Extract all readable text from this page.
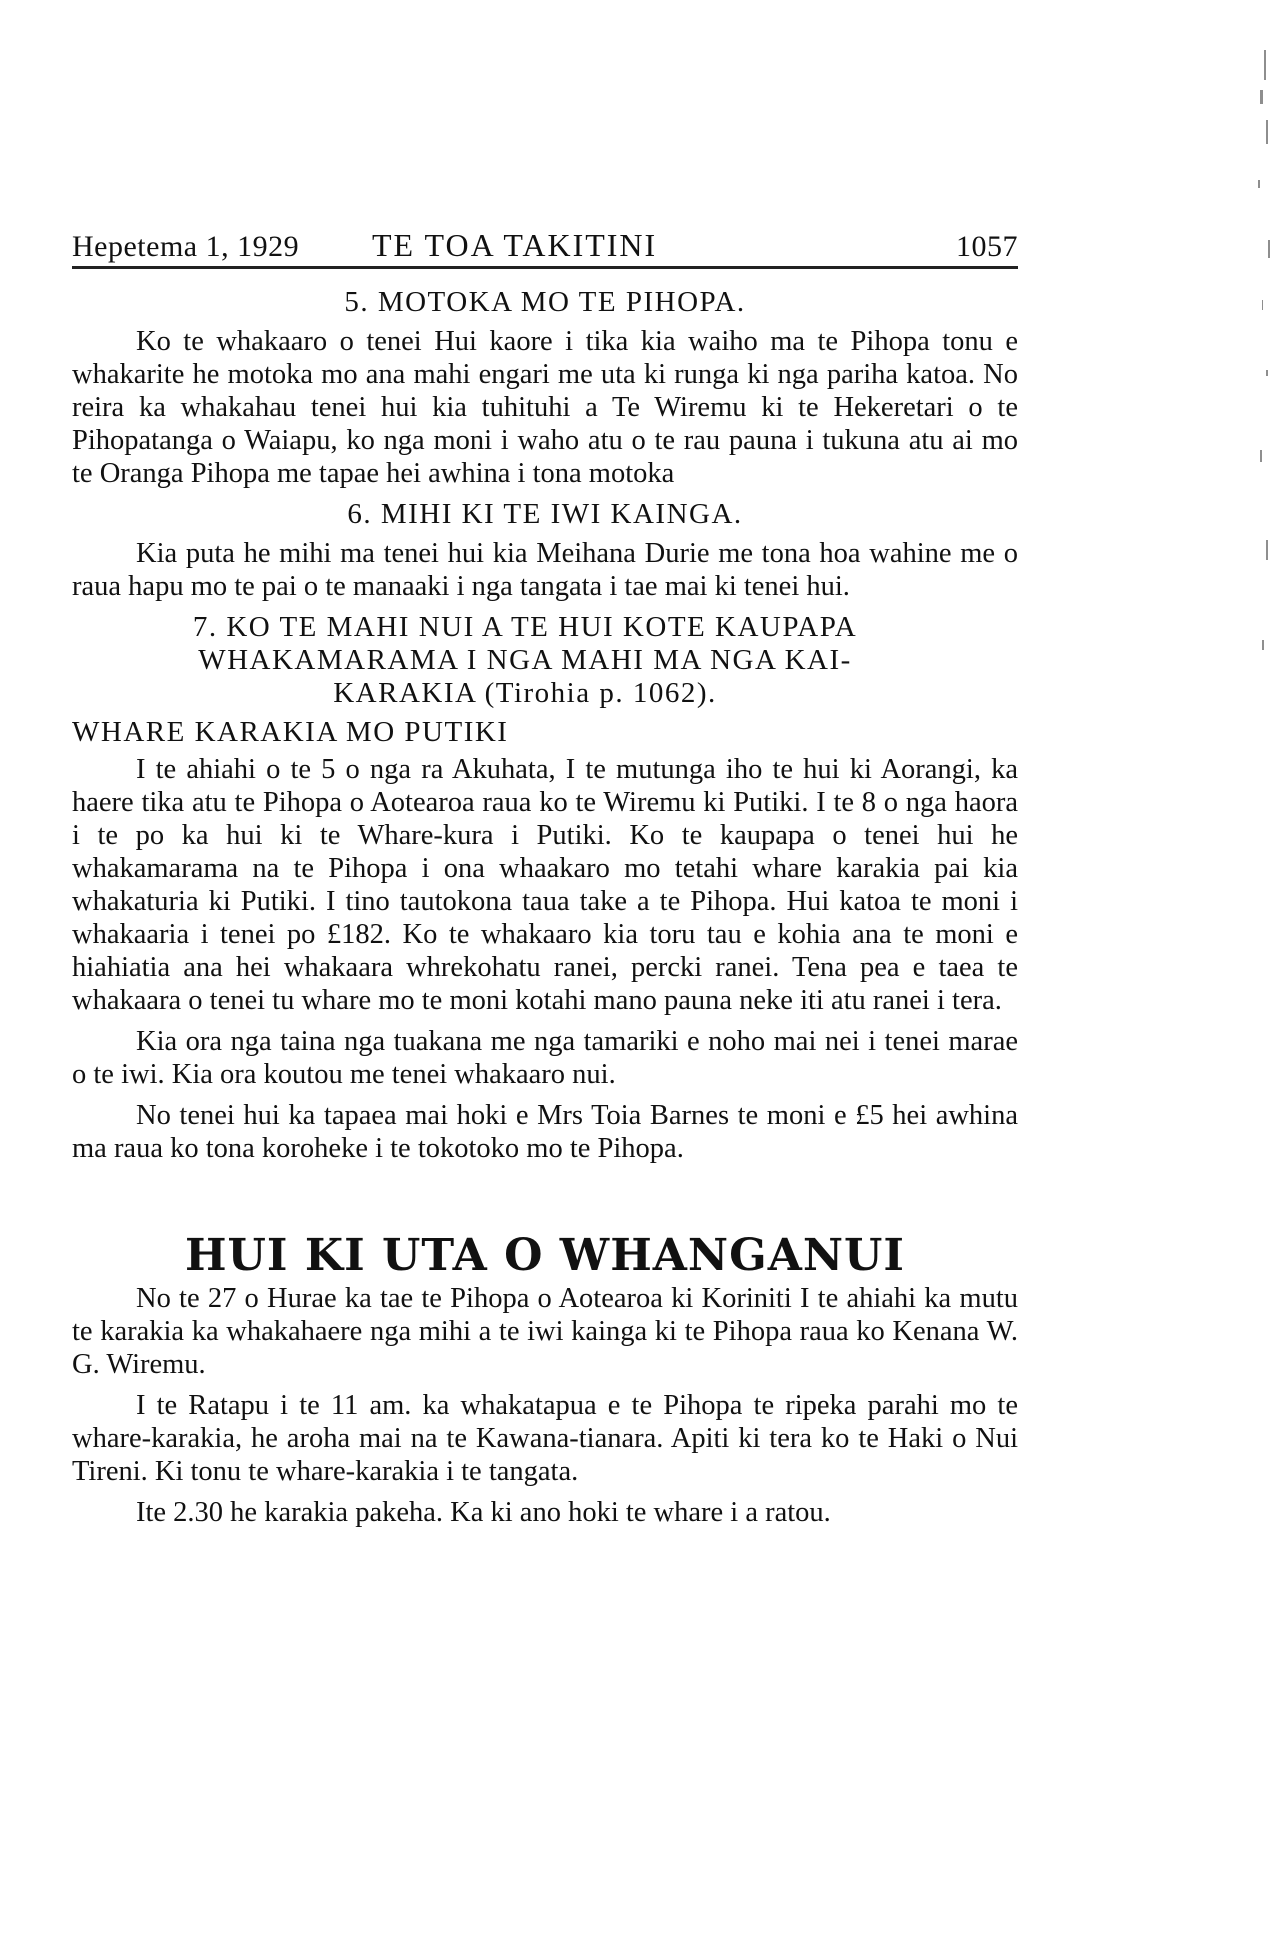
Hepetema 1, 1929	TE TOA TAKITINI	1057
5. MOTOKA MO TE PIHOPA.

Ko te whakaaro o tenei Hui kaore i tika kia waiho ma te Pihopa tonu e whakarite he motoka mo ana mahi engari me uta ki runga ki nga pariha katoa. No reira ka whakahau tenei hui kia tuhituhi a Te Wiremu ki te Hekeretari o te Pihopatanga o Waiapu, ko nga moni i waho atu o te rau pauna i tukuna atu ai mo te Oranga Pihopa me tapae hei awhina i tona motoka

6. MIHI KI TE IWI KAINGA.

Kia puta he mihi ma tenei hui kia Meihana Durie me tona hoa wahine me o raua hapu mo te pai o te manaaki i nga tangata i tae mai ki tenei hui.

7. KO TE MAHI NUI A TE HUI KOTE KAUPAPA WHAKAMARAMA I NGA MAHI MA NGA KAI-KARAKIA (Tirohia p. 1062).
WHARE KARAKIA MO PUTIKI

I te ahiahi o te 5 o nga ra Akuhata, I te mutunga iho te hui ki Aorangi, ka haere tika atu te Pihopa o Aotearoa raua ko te Wiremu ki Putiki. I te 8 o nga haora i te po ka hui ki te Whare-kura i Putiki. Ko te kaupapa o tenei hui he whakamarama na te Pihopa i ona whaakaro mo tetahi whare karakia pai kia whakaturia ki Putiki. I tino tautokona taua take a te Pihopa. Hui katoa te moni i whakaaria i tenei po £182. Ko te whakaaro kia toru tau e kohia ana te moni e hiahiatia ana hei whakaara whrekohatu ranei, percki ranei. Tena pea e taea te whakaara o tenei tu whare mo te moni kotahi mano pauna neke iti atu ranei i tera.

Kia ora nga taina nga tuakana me nga tamariki e noho mai nei i tenei marae o te iwi. Kia ora koutou me tenei whakaaro nui.

No tenei hui ka tapaea mai hoki e Mrs Toia Barnes te moni e £5 hei awhina ma raua ko tona koroheke i te tokotoko mo te Pihopa.

HUI KI UTA O WHANGANUI

No te 27 o Hurae ka tae te Pihopa o Aotearoa ki Koriniti I te ahiahi ka mutu te karakia ka whakahaere nga mihi a te iwi kainga ki te Pihopa raua ko Kenana W. G. Wiremu.

I te Ratapu i te 11 am. ka whakatapua e te Pihopa te ripeka parahi mo te whare-karakia, he aroha mai na te Kawana-tianara. Apiti ki tera ko te Haki o Nui Tireni. Ki tonu te whare-karakia i te tangata.

Ite 2.30 he karakia pakeha. Ka ki ano hoki te whare i a ratou.
